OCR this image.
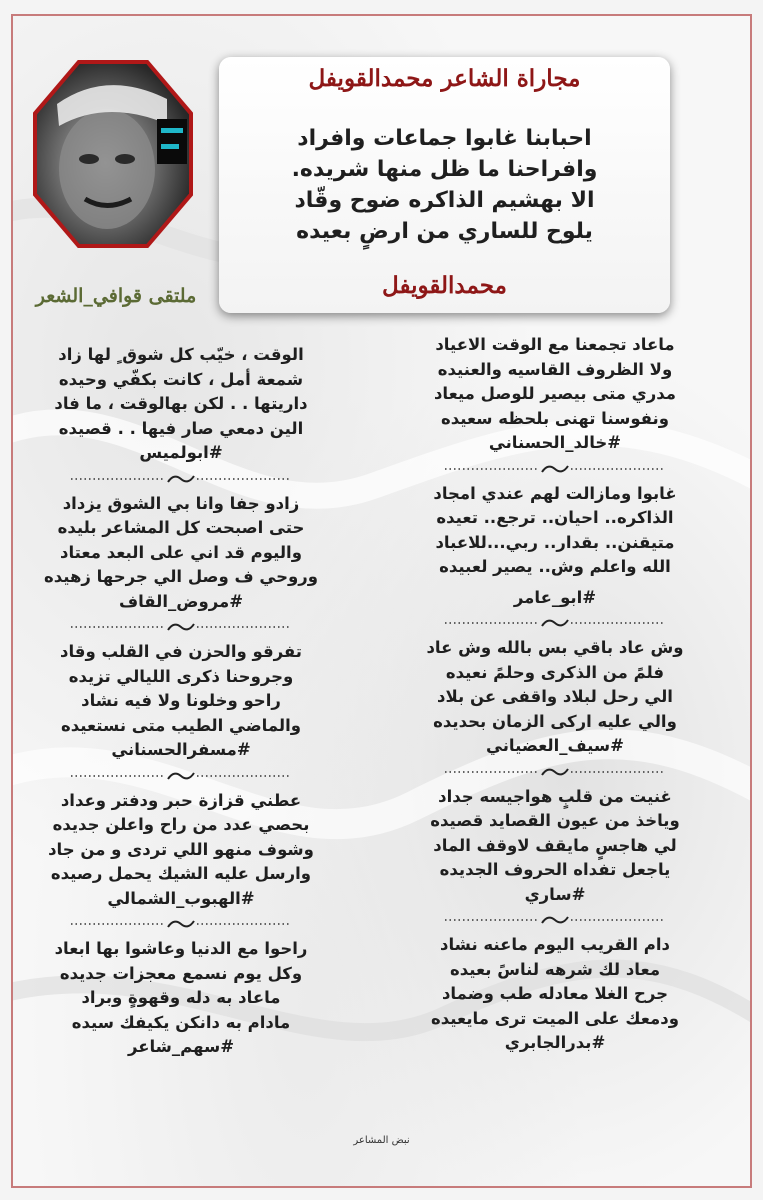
مجاراة الشاعر محمدالقويفل
احبابنا غابوا جماعات وافراد
وافراحنا ما ظل منها شريده.
الا بهشيم الذاكره ضوح وقّاد
يلوح للساري من ارضٍ بعيده
محمدالقويفل
ملتقى قوافي_الشعر
ماعاد تجمعنا مع الوقت الاعياد
ولا الظروف القاسيه والعنيده
مدري متى بيصير للوصل ميعاد
ونفوسنا تهنى بلحظه سعيده
#خالد_الحسناني
غابوا ومازالت لهم عندي امجاد
الذاكره.. احيان.. ترجع.. تعيده
متيقنن.. بقدار.. ربي...للاعباد
الله واعلم وش.. يصير لعبيده
#ابو_عامر
وش عاد باقي بس بالله وش عاد
فلمً من الذكرى وحلمً نعيده
الي رحل لبلاد واقفى عن بلاد
والي عليه اركى الزمان بحديده
#سيف_العضياني
غنيت من قلبٍ هواجيسه جداد
وياخذ من عيون القصايد قصيده
لي هاجسٍ مايقف لاوقف الماد
ياجعل تفداه الحروف الجديده
#ساري
دام القريب اليوم ماعنه نشاد
معاد لك شرهه لناسً بعيده
جرح الغلا معادله طب وضماد
ودمعك على الميت ترى مايعيده
#بدرالجابري
الوقت ، خيّب كل شوق ٍ لها زاد
شمعة أمل ، كانت بكفّي وحيده
داريتها . . لكن بهالوقت ، ما فاد
الين دمعي صار فيها . . قصيده
#ابولميس
زادو جفا وانا بي الشوق يزداد
حتى اصبحت كل المشاعر بليده
واليوم قد اني على البعد معتاد
وروحي ف وصل الي جرحها زهيده
#مروض_القاف
تفرقو والحزن في القلب وقاد
وجروحنا ذكرى الليالي تزيده
راحو وخلونا ولا فيه نشاد
والماضي الطيب متى نستعيده
#مسفرالحسناني
عطني قزازة حبر ودفتر وعداد
بحصي عدد من راح واعلن جديده
وشوف منهو اللي تردى و من جاد
وارسل عليه الشيك يحمل رصيده
#الهبوب_الشمالي
راحوا مع الدنيا وعاشوا بها ابعاد
وكل يوم نسمع معجزات جديده
ماعاد به دله وقهوةٍ وبراد
مادام به دانكن يكيفك سيده
#سهم_شاعر
نبض المشاعر
